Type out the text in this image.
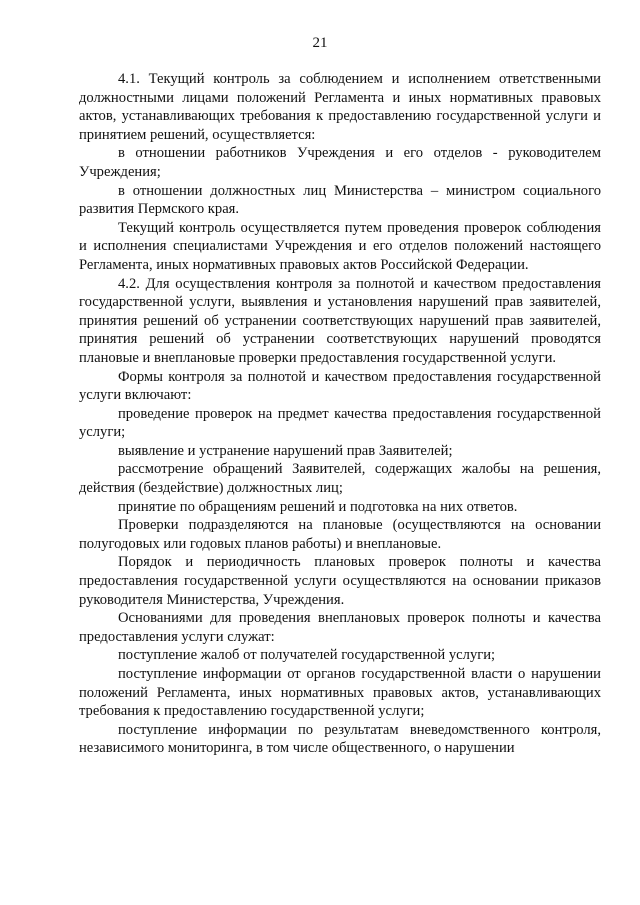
21

4.1. Текущий контроль за соблюдением и исполнением ответственными должностными лицами положений Регламента и иных нормативных правовых актов, устанавливающих требования к предоставлению государственной услуги и принятием решений, осуществляется:

в отношении работников Учреждения и его отделов - руководителем Учреждения;

в отношении должностных лиц Министерства – министром социального развития Пермского края.

Текущий контроль осуществляется путем проведения проверок соблюдения и исполнения специалистами Учреждения и его отделов положений настоящего Регламента, иных нормативных правовых актов Российской Федерации.

4.2. Для осуществления контроля за полнотой и качеством предоставления государственной услуги, выявления и установления нарушений прав заявителей, принятия решений об устранении соответствующих нарушений прав заявителей, принятия решений об устранении соответствующих нарушений проводятся плановые и внеплановые проверки предоставления государственной услуги.

Формы контроля за полнотой и качеством предоставления государственной услуги включают:

проведение проверок на предмет качества предоставления государственной услуги;

выявление и устранение нарушений прав Заявителей;

рассмотрение обращений Заявителей, содержащих жалобы на решения, действия (бездействие) должностных лиц;

принятие по обращениям решений и подготовка на них ответов.

Проверки подразделяются на плановые (осуществляются на основании полугодовых или годовых планов работы) и внеплановые.

Порядок и периодичность плановых проверок полноты и качества предоставления государственной услуги осуществляются на основании приказов руководителя Министерства, Учреждения.

Основаниями для проведения внеплановых проверок полноты и качества предоставления услуги служат:

поступление жалоб от получателей государственной услуги;

поступление информации от органов государственной власти о нарушении положений Регламента, иных нормативных правовых актов, устанавливающих требования к предоставлению государственной услуги;

поступление информации по результатам вневедомственного контроля, независимого мониторинга, в том числе общественного, о нарушении
